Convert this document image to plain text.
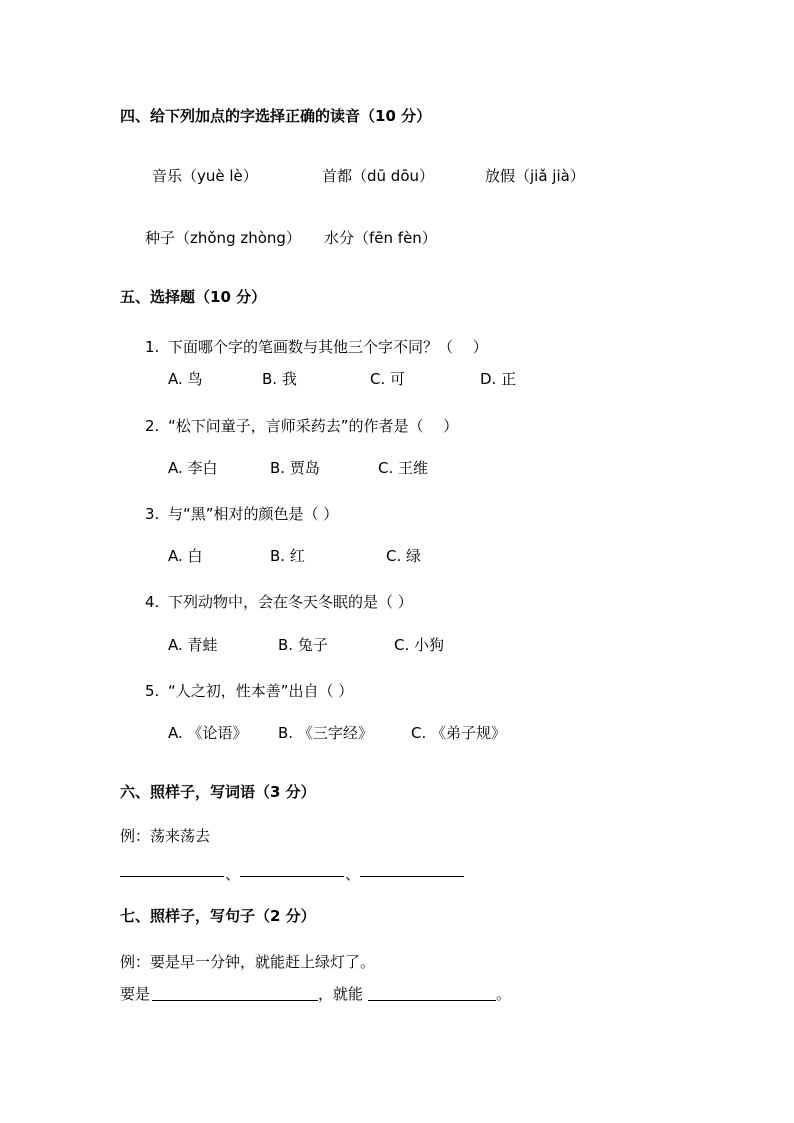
四、给下列加点的字选择正确的读音（10 分）
音乐（yuè lè）	首都（dū dōu）	放假（jiǎ jià）
种子（zhǒng zhòng） 水分（fēn fèn）
五、选择题（10 分）
1. 下面哪个字的笔画数与其他三个字不同？（　 ）
A. 鸟	B. 我	C. 可	D. 正
2. “松下问童子，言师采药去”的作者是（　 ）
A. 李白	B. 贾岛	C. 王维
3. 与“黑”相对的颜色是（ ）
A. 白	B. 红	C. 绿
4. 下列动物中，会在冬天冬眠的是（ ）
A. 青蛙	B. 兔子	C. 小狗
5. “人之初，性本善”出自（ ）
A. 《论语》 B. 《三字经》	C. 《弟子规》
六、照样子，写词语（3 分）
例：荡来荡去
、	、
七、照样子，写句子（2 分）
例：要是早一分钟，就能赶上绿灯了。
要是	，就能	。
